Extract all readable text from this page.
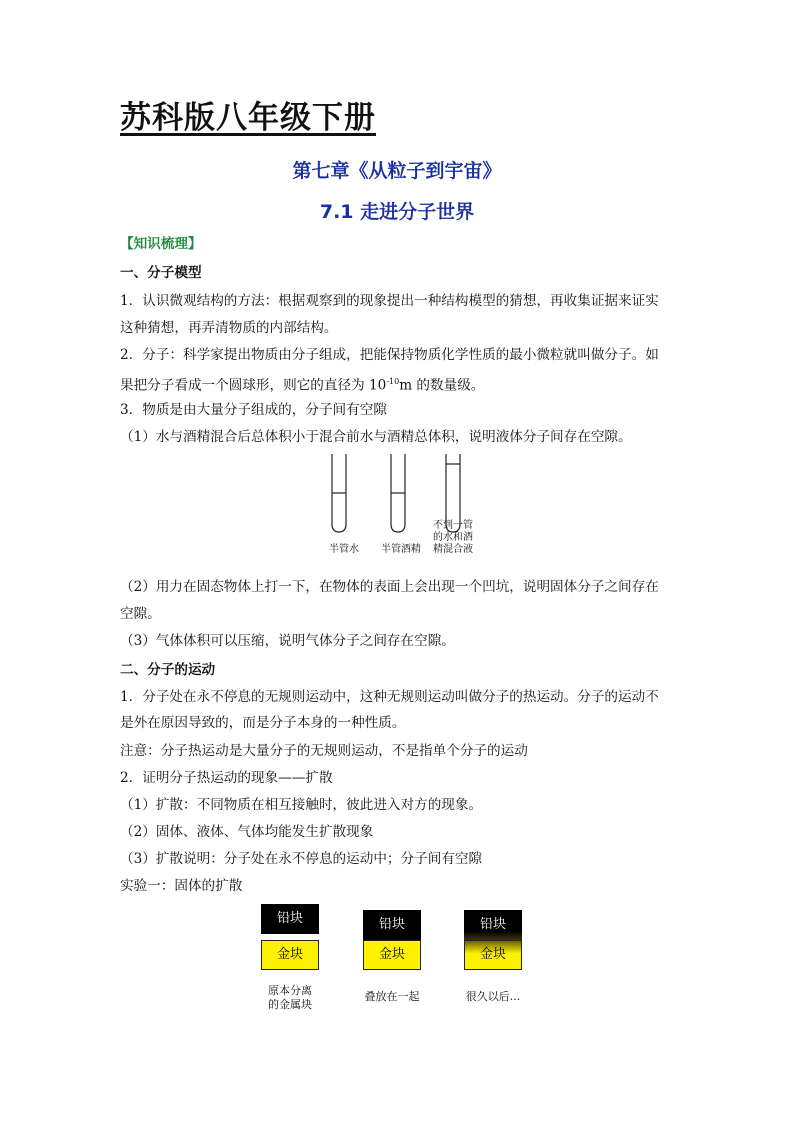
苏科版八年级下册
第七章《从粒子到宇宙》
7.1 走进分子世界
【知识梳理】
一、分子模型
1．认识微观结构的方法：根据观察到的现象提出一种结构模型的猜想，再收集证据来证实
这种猜想，再弄清物质的内部结构。
2．分子：科学家提出物质由分子组成，把能保持物质化学性质的最小微粒就叫做分子。如
果把分子看成一个圆球形，则它的直径为 $10^{-10}m$ 的数量级。
3．物质是由大量分子组成的，分子间有空隙
（1）水与酒精混合后总体积小于混合前水与酒精总体积，说明液体分子间存在空隙。
半管水	半管酒精
不到一管
的水和酒
精混合液
（2）用力在固态物体上打一下，在物体的表面上会出现一个凹坑，说明固体分子之间存在
空隙。
（3）气体体积可以压缩，说明气体分子之间存在空隙。
二、分子的运动
1．分子处在永不停息的无规则运动中，这种无规则运动叫做分子的热运动。分子的运动不
是外在原因导致的，而是分子本身的一种性质。
注意：分子热运动是大量分子的无规则运动，不是指单个分子的运动
2．证明分子热运动的现象——扩散
（1）扩散：不同物质在相互接触时，彼此进入对方的现象。
（2）固体、液体、气体均能发生扩散现象
（3）扩散说明：分子处在永不停息的运动中；分子间有空隙
实验一：固体的扩散
铅块
金块
原本分离
的金属块
铅块
金块
叠放在一起
铅块
金块
很久以后...
